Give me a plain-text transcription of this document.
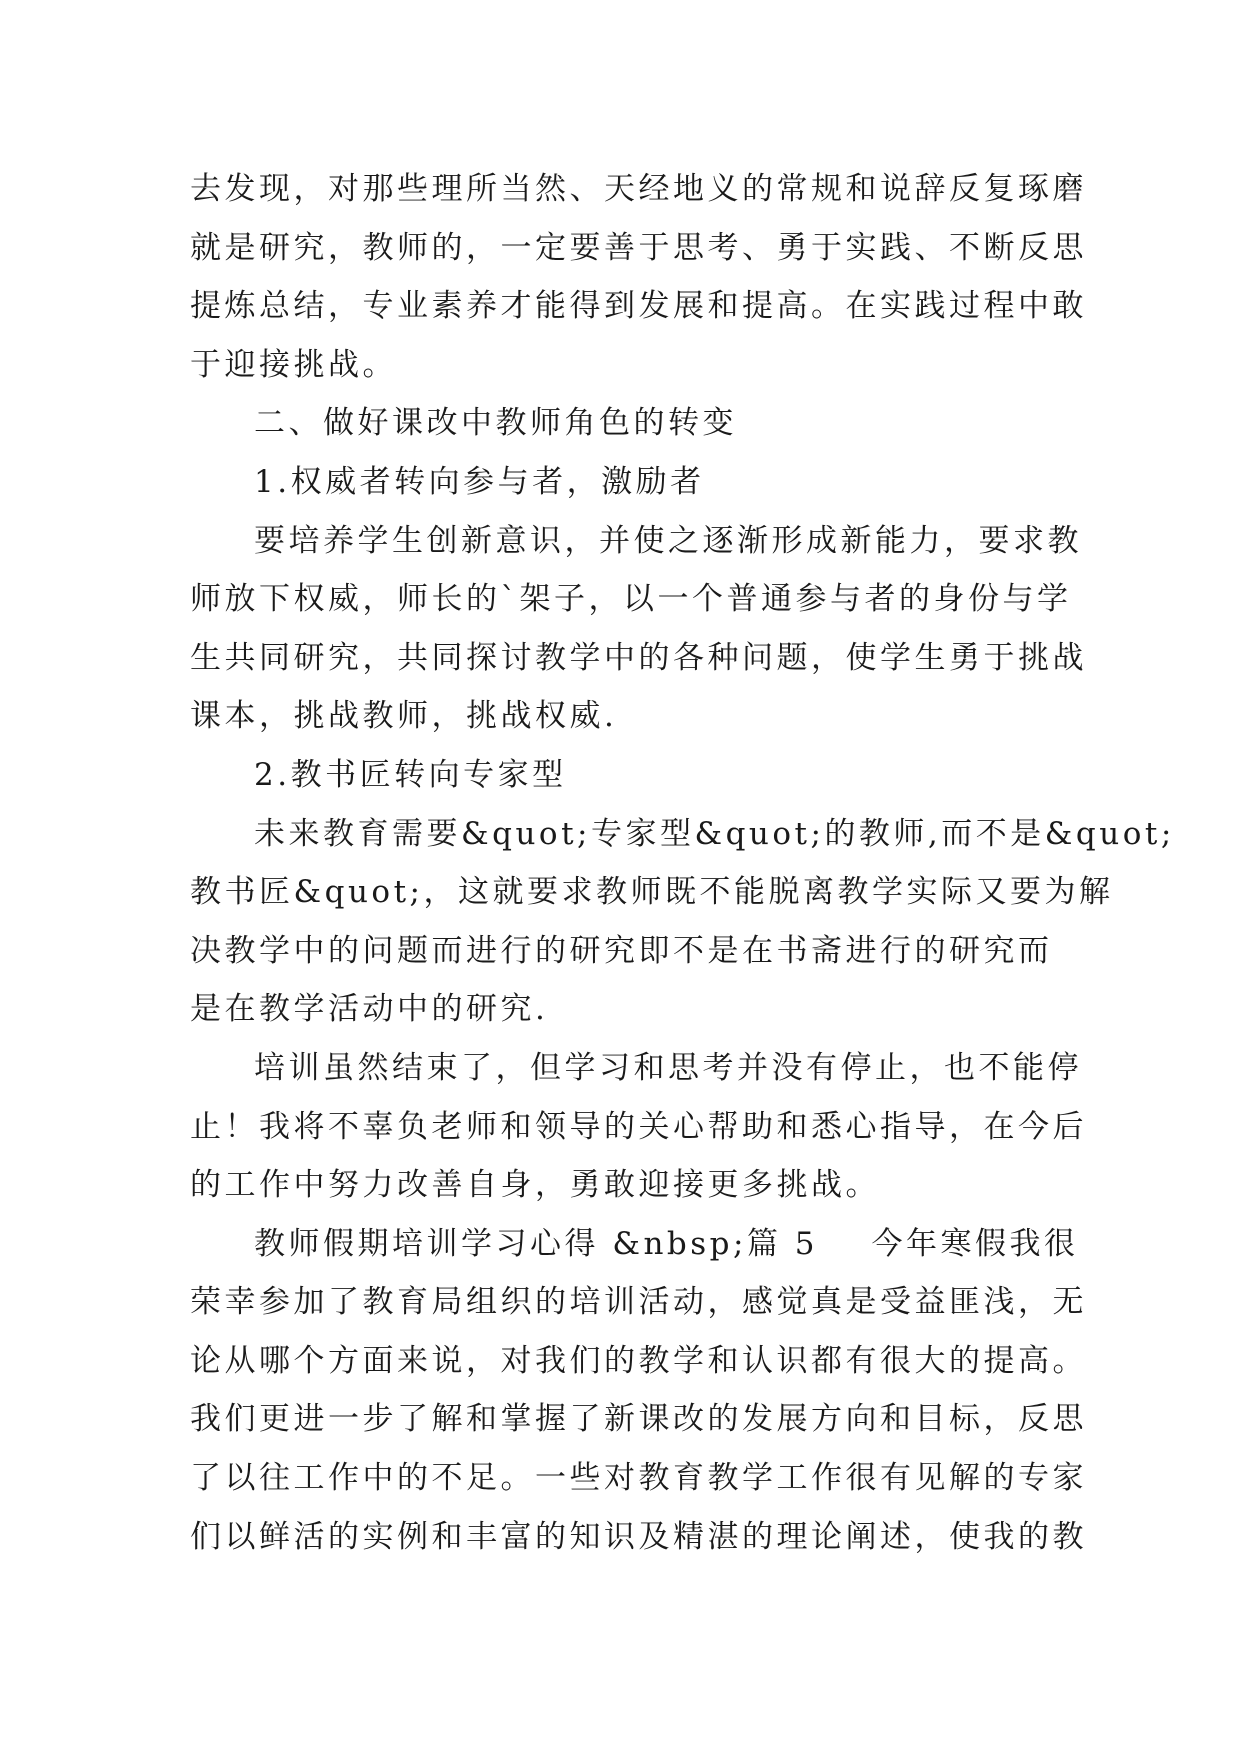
去发现，对那些理所当然、天经地义的常规和说辞反复琢磨
就是研究，教师的，一定要善于思考、勇于实践、不断反思
提炼总结，专业素养才能得到发展和提高。在实践过程中敢
于迎接挑战。
二、做好课改中教师角色的转变
1.权威者转向参与者，激励者
要培养学生创新意识，并使之逐渐形成新能力，要求教
师放下权威，师长的`架子，以一个普通参与者的身份与学
生共同研究，共同探讨教学中的各种问题，使学生勇于挑战
课本，挑战教师，挑战权威.
2.教书匠转向专家型
未来教育需要&quot;专家型&quot;的教师,而不是&quot;
教书匠&quot;，这就要求教师既不能脱离教学实际又要为解
决教学中的问题而进行的研究即不是在书斋进行的研究而
是在教学活动中的研究.
培训虽然结束了，但学习和思考并没有停止，也不能停
止！我将不辜负老师和领导的关心帮助和悉心指导，在今后
的工作中努力改善自身，勇敢迎接更多挑战。
教师假期培训学习心得 &nbsp;篇 5    今年寒假我很
荣幸参加了教育局组织的培训活动，感觉真是受益匪浅，无
论从哪个方面来说，对我们的教学和认识都有很大的提高。
我们更进一步了解和掌握了新课改的发展方向和目标，反思
了以往工作中的不足。一些对教育教学工作很有见解的专家
们以鲜活的实例和丰富的知识及精湛的理论阐述，使我的教
